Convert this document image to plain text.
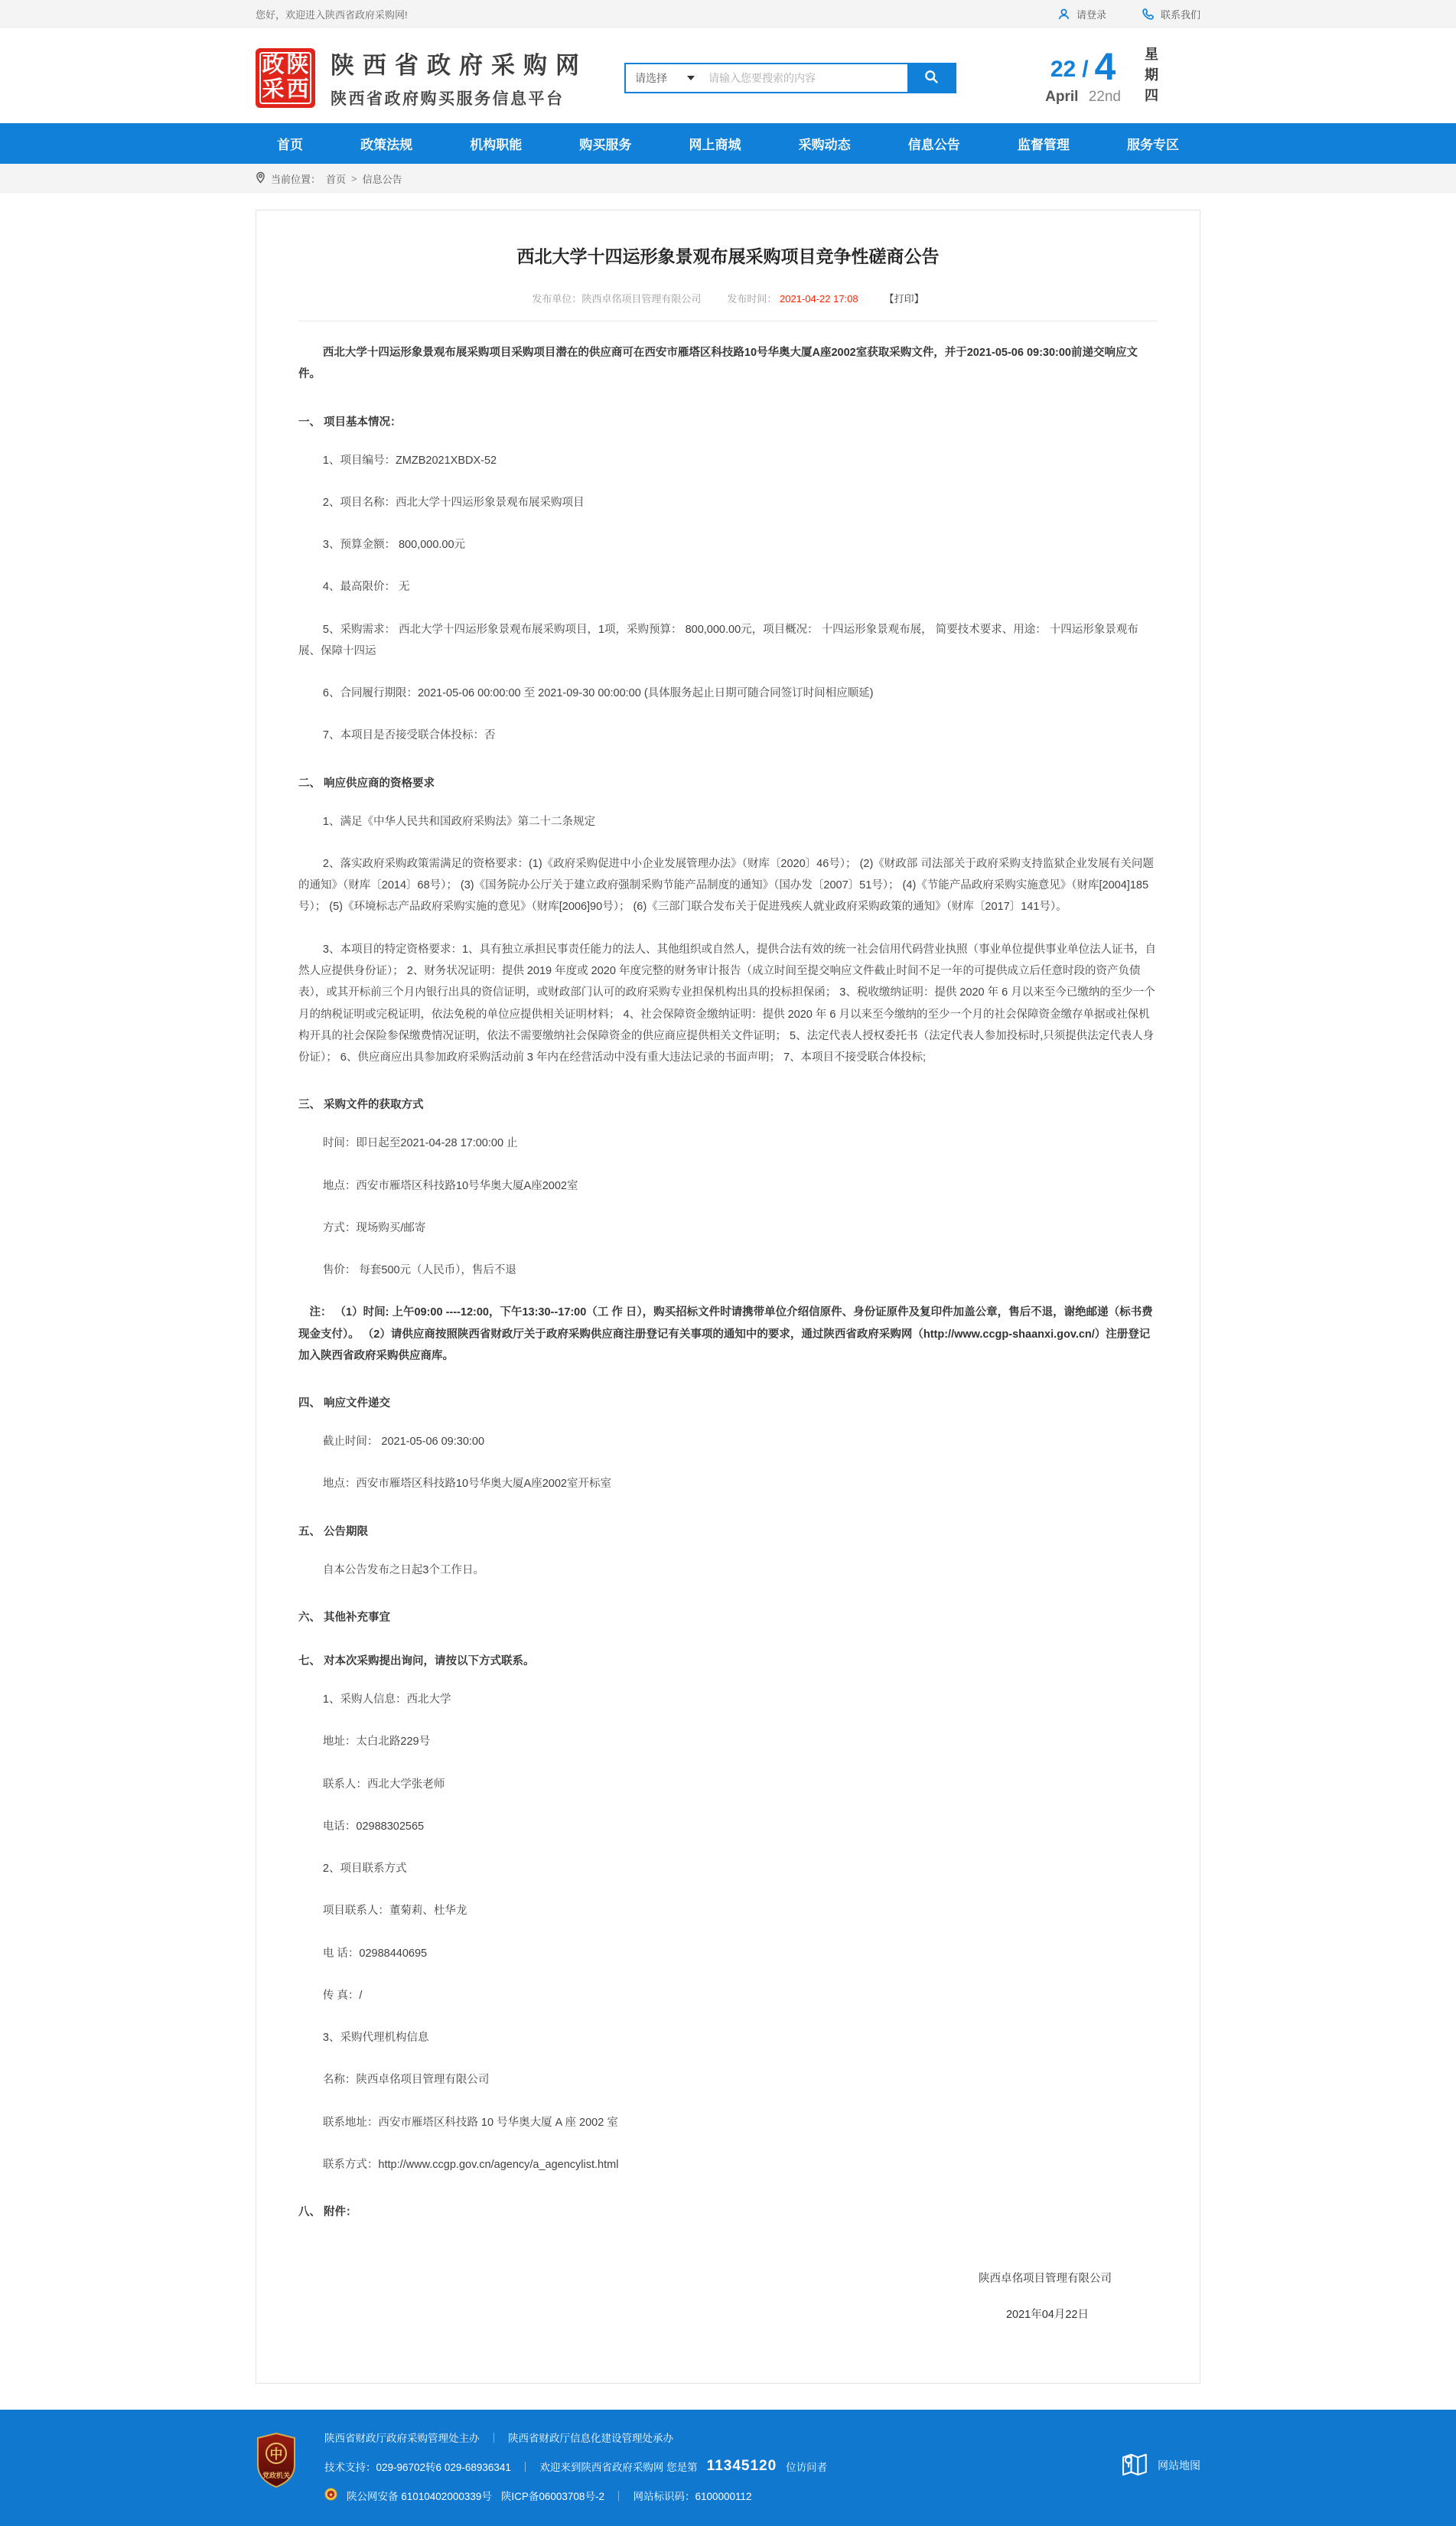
您好，欢迎进入陕西省政府采购网!	请登录	联系我们
政 陕
采 西
陕西省政府采购网
陕西省政府购买服务信息平台
请选择
请输入您要搜索的内容	22 / 4
April 22nd 星期四
首页	政策法规	机构职能	购买服务	网上商城	采购动态	信息公告	监督管理	服务专区
当前位置： 首页 > 信息公告
西北大学十四运形象景观布展采购项目竞争性磋商公告
发布单位：陕西卓佲项目管理有限公司	发布时间： 2021-04-22 17:08	【打印】

西北大学十四运形象景观布展采购项目采购项目潜在的供应商可在西安市雁塔区科技路10号华奥大厦A座2002室获取采购文件，并于2021-05-06 09:30:00前递交响应文件。

一、 项目基本情况：

1、项目编号：ZMZB2021XBDX-52

2、项目名称：西北大学十四运形象景观布展采购项目

3、预算金额： 800,000.00元

4、最高限价： 无

5、采购需求： 西北大学十四运形象景观布展采购项目，1项，采购预算： 800,000.00元，项目概况： 十四运形象景观布展， 简要技术要求、用途： 十四运形象景观布展、保障十四运

6、合同履行期限：2021-05-06 00:00:00 至 2021-09-30 00:00:00 (具体服务起止日期可随合同签订时间相应顺延)

7、本项目是否接受联合体投标：否

二、 响应供应商的资格要求

1、满足《中华人民共和国政府采购法》第二十二条规定

2、落实政府采购政策需满足的资格要求：(1)《政府采购促进中小企业发展管理办法》（财库〔2020〕46号）； (2)《财政部 司法部关于政府采购支持监狱企业发展有关问题的通知》（财库〔2014〕68号）； (3)《国务院办公厅关于建立政府强制采购节能产品制度的通知》（国办发〔2007〕51号）； (4)《节能产品政府采购实施意见》（财库[2004]185号）； (5)《环境标志产品政府采购实施的意见》（财库[2006]90号）； (6)《三部门联合发布关于促进残疾人就业政府采购政策的通知》（财库〔2017〕141号）。

3、本项目的特定资格要求：1、具有独立承担民事责任能力的法人、其他组织或自然人，提供合法有效的统一社会信用代码营业执照（事业单位提供事业单位法人证书，自然人应提供身份证）； 2、财务状况证明：提供 2019 年度或 2020 年度完整的财务审计报告（成立时间至提交响应文件截止时间不足一年的可提供成立后任意时段的资产负债表），或其开标前三个月内银行出具的资信证明，或财政部门认可的政府采购专业担保机构出具的投标担保函； 3、税收缴纳证明：提供 2020 年 6 月以来至今已缴纳的至少一个月的纳税证明或完税证明，依法免税的单位应提供相关证明材料； 4、社会保障资金缴纳证明：提供 2020 年 6 月以来至今缴纳的至少一个月的社会保障资金缴存单据或社保机构开具的社会保险参保缴费情况证明，依法不需要缴纳社会保障资金的供应商应提供相关文件证明； 5、法定代表人授权委托书（法定代表人参加投标时,只须提供法定代表人身份证）； 6、供应商应出具参加政府采购活动前 3 年内在经营活动中没有重大违法记录的书面声明； 7、本项目不接受联合体投标;

三、 采购文件的获取方式

时间：即日起至2021-04-28 17:00:00 止

地点：西安市雁塔区科技路10号华奥大厦A座2002室

方式：现场购买/邮寄

售价： 每套500元（人民币），售后不退

注： （1）时间: 上午09:00 ----12:00，下午13:30--17:00（工 作 日），购买招标文件时请携带单位介绍信原件、身份证原件及复印件加盖公章，售后不退，谢绝邮递（标书费现金支付）。 （2）请供应商按照陕西省财政厅关于政府采购供应商注册登记有关事项的通知中的要求，通过陕西省政府采购网（http://www.ccgp-shaanxi.gov.cn/）注册登记加入陕西省政府采购供应商库。

四、 响应文件递交

截止时间： 2021-05-06 09:30:00

地点：西安市雁塔区科技路10号华奥大厦A座2002室开标室

五、 公告期限

自本公告发布之日起3个工作日。

六、 其他补充事宜
七、 对本次采购提出询问，请按以下方式联系。

1、采购人信息：西北大学

地址：太白北路229号

联系人：西北大学张老师

电话：02988302565

2、项目联系方式

项目联系人：董菊莉、杜华龙

电 话：02988440695

传 真：/

3、采购代理机构信息

名称：陕西卓佲项目管理有限公司

联系地址：西安市雁塔区科技路 10 号华奥大厦 A 座 2002 室

联系方式：http://www.ccgp.gov.cn/agency/a_agencylist.html

八、 附件：
陕西卓佲项目管理有限公司
2021年04月22日
中
党政机关
陕西省财政厅政府采购管理处主办 ｜ 陕西省财政厅信息化建设管理处承办
技术支持：029-96702转6 029-68936341 ｜ 欢迎来到陕西省政府采购网 您是第 11345120 位访问者
★ 陕公网安备 61010402000339号 陕ICP备06003708号-2 ｜ 网站标识码：6100000112
网站地图
